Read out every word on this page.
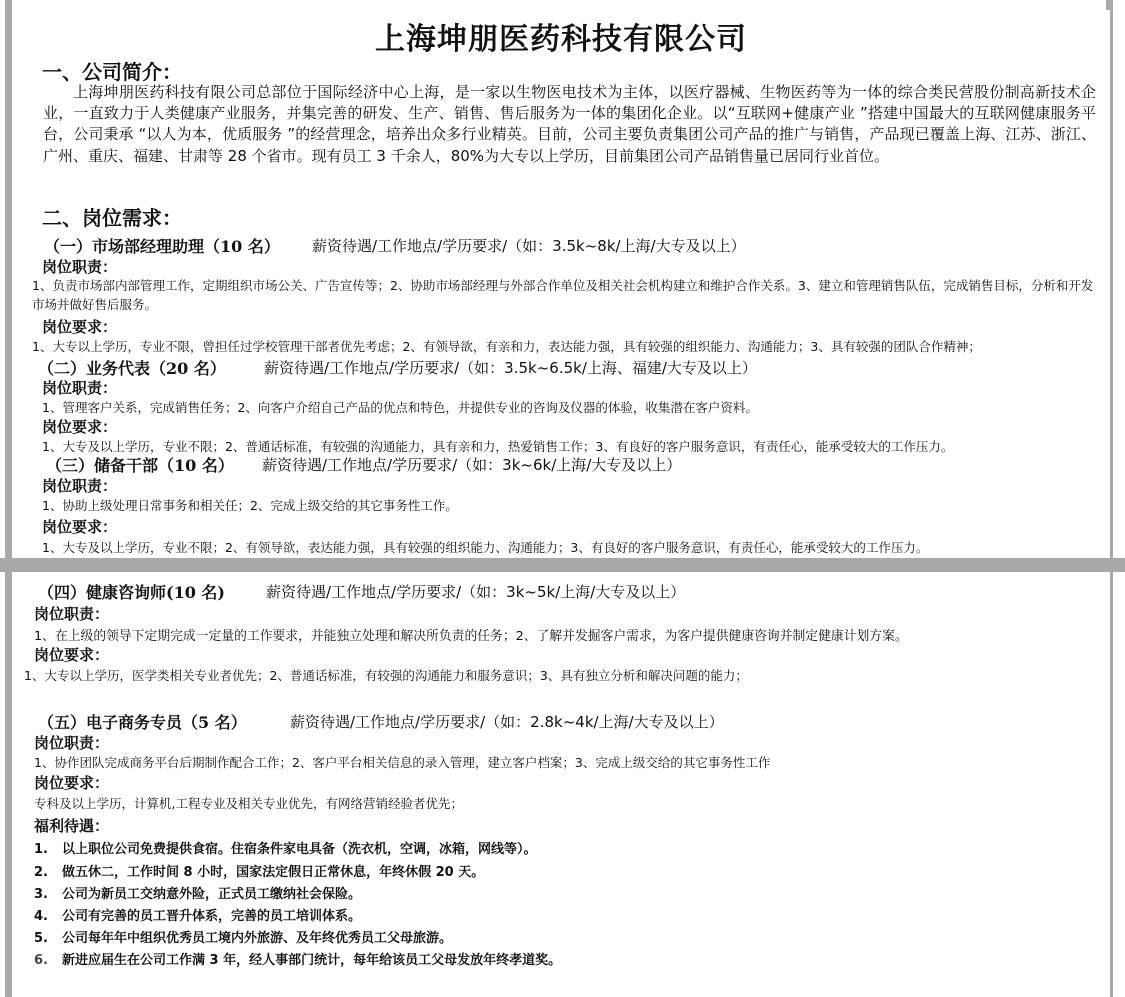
上海坤朋医药科技有限公司
一、公司简介：
上海坤朋医药科技有限公司总部位于国际经济中心上海，是一家以生物医电技术为主体，以医疗器械、生物医药等为一体的综合类民营股份制高新技术企业，一直致力于人类健康产业服务，并集完善的研发、生产、销售、售后服务为一体的集团化企业。以“互联网+健康产业 ”搭建中国最大的互联网健康服务平台，公司秉承 “以人为本，优质服务 ”的经营理念，培养出众多行业精英。目前，公司主要负责集团公司产品的推广与销售，产品现已覆盖上海、江苏、浙江、广州、重庆、福建、甘肃等 28 个省市。现有员工 3 千余人，80%为大专以上学历，目前集团公司产品销售量已居同行业首位。
二、岗位需求：
（一）市场部经理助理（10 名） 薪资待遇/工作地点/学历要求/（如：3.5k~8k/上海/大专及以上）
岗位职责：
1、负责市场部内部管理工作，定期组织市场公关、广告宣传等；2、协助市场部经理与外部合作单位及相关社会机构建立和维护合作关系。3、建立和管理销售队伍，完成销售目标，分析和开发市场并做好售后服务。
岗位要求：
1、大专以上学历，专业不限，曾担任过学校管理干部者优先考虑；2、有领导欲，有亲和力，表达能力强，具有较强的组织能力、沟通能力；3、具有较强的团队合作精神；
（二）业务代表（20 名）	薪资待遇/工作地点/学历要求/（如：3.5k~6.5k/上海、福建/大专及以上）
岗位职责：
1、管理客户关系，完成销售任务；2、向客户介绍自己产品的优点和特色，并提供专业的咨询及仪器的体验，收集潜在客户资料。
岗位要求：
1、大专及以上学历，专业不限；2、普通话标准，有较强的沟通能力，具有亲和力，热爱销售工作；3、有良好的客户服务意识，有责任心，能承受较大的工作压力。
（三）储备干部（10 名） 薪资待遇/工作地点/学历要求/（如：3k~6k/上海/大专及以上）
岗位职责：
1、协助上级处理日常事务和相关任；2、完成上级交给的其它事务性工作。
岗位要求：
1、大专及以上学历，专业不限；2、有领导欲，表达能力强，具有较强的组织能力、沟通能力；3、有良好的客户服务意识，有责任心，能承受较大的工作压力。
（四）健康咨询师(10 名)	薪资待遇/工作地点/学历要求/（如：3k~5k/上海/大专及以上）
岗位职责：
1、在上级的领导下定期完成一定量的工作要求，并能独立处理和解决所负责的任务；2、了解并发掘客户需求，为客户提供健康咨询并制定健康计划方案。
岗位要求：
1、大专以上学历，医学类相关专业者优先；2、普通话标准，有较强的沟通能力和服务意识；3、具有独立分析和解决问题的能力；
（五）电子商务专员（5 名）	薪资待遇/工作地点/学历要求/（如：2.8k~4k/上海/大专及以上）
岗位职责：
1、协作团队完成商务平台后期制作配合工作；2、客户平台相关信息的录入管理，建立客户档案；3、完成上级交给的其它事务性工作
岗位要求：
专科及以上学历，计算机,工程专业及相关专业优先，有网络营销经验者优先；
福利待遇：
1. 以上职位公司免费提供食宿。住宿条件家电具备（洗衣机，空调，冰箱，网线等）。
2. 做五休二，工作时间 8 小时，国家法定假日正常休息，年终休假 20 天。
3. 公司为新员工交纳意外险，正式员工缴纳社会保险。
4. 公司有完善的员工晋升体系，完善的员工培训体系。
5. 公司每年年中组织优秀员工境内外旅游、及年终优秀员工父母旅游。
6. 新进应届生在公司工作满 3 年，经人事部门统计，每年给该员工父母发放年终孝道奖。
